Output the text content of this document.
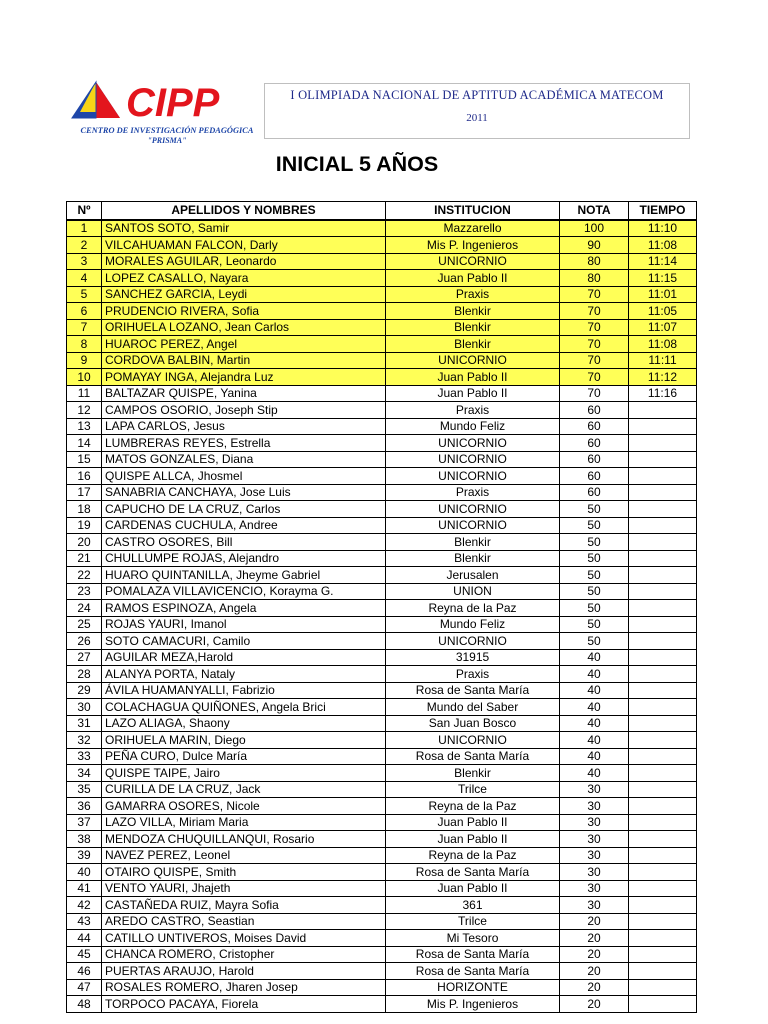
CIPP
CENTRO DE INVESTIGACIÓN PEDAGÓGICA
"PRISMA"
I OLIMPIADA NACIONAL DE APTITUD ACADÉMICA MATECOM
2011
INICIAL 5 AÑOS
Nº	APELLIDOS Y NOMBRES	INSTITUCION	NOTA	TIEMPO
1	SANTOS SOTO, Samir	Mazzarello	100	11:10
2	VILCAHUAMAN FALCON, Darly	Mis P. Ingenieros	90	11:08
3	MORALES AGUILAR, Leonardo	UNICORNIO	80	11:14
4	LOPEZ CASALLO, Nayara	Juan Pablo II	80	11:15
5	SANCHEZ GARCIA, Leydi	Praxis	70	11:01
6	PRUDENCIO RIVERA, Sofia	Blenkir	70	11:05
7	ORIHUELA LOZANO, Jean Carlos	Blenkir	70	11:07
8	HUAROC PEREZ, Angel	Blenkir	70	11:08
9	CORDOVA BALBIN, Martin	UNICORNIO	70	11:11
10	POMAYAY INGA, Alejandra Luz	Juan Pablo II	70	11:12
11	BALTAZAR QUISPE, Yanina	Juan Pablo II	70	11:16
12	CAMPOS OSORIO, Joseph Stip	Praxis	60	
13	LAPA CARLOS, Jesus	Mundo Feliz	60	
14	LUMBRERAS REYES, Estrella	UNICORNIO	60	
15	MATOS GONZALES, Diana	UNICORNIO	60	
16	QUISPE ALLCA, Jhosmel	UNICORNIO	60	
17	SANABRIA CANCHAYA, Jose Luis	Praxis	60	
18	CAPUCHO DE LA CRUZ, Carlos	UNICORNIO	50	
19	CARDENAS CUCHULA, Andree	UNICORNIO	50	
20	CASTRO OSORES, Bill	Blenkir	50	
21	CHULLUMPE ROJAS, Alejandro	Blenkir	50	
22	HUARO QUINTANILLA, Jheyme Gabriel	Jerusalen	50	
23	POMALAZA VILLAVICENCIO, Korayma G.	UNION	50	
24	RAMOS ESPINOZA, Angela	Reyna de la Paz	50	
25	ROJAS YAURI, Imanol	Mundo Feliz	50	
26	SOTO CAMACURI, Camilo	UNICORNIO	50	
27	AGUILAR MEZA,Harold	31915	40	
28	ALANYA PORTA, Nataly	Praxis	40	
29	ÁVILA HUAMANYALLI, Fabrizio	Rosa de Santa María	40	
30	COLACHAGUA QUIÑONES, Angela Brici	Mundo del Saber	40	
31	LAZO ALIAGA, Shaony	San Juan Bosco	40	
32	ORIHUELA MARIN, Diego	UNICORNIO	40	
33	PEÑA CURO, Dulce María	Rosa de Santa María	40	
34	QUISPE TAIPE, Jairo	Blenkir	40	
35	CURILLA DE LA CRUZ, Jack	Trilce	30	
36	GAMARRA OSORES, Nicole	Reyna de la Paz	30	
37	LAZO VILLA, Miriam Maria	Juan Pablo II	30	
38	MENDOZA CHUQUILLANQUI, Rosario	Juan Pablo II	30	
39	NAVEZ PEREZ, Leonel	Reyna de la Paz	30	
40	OTAIRO QUISPE, Smith	Rosa de Santa María	30	
41	VENTO YAURI, Jhajeth	Juan Pablo II	30	
42	CASTAÑEDA RUIZ, Mayra Sofia	361	30	
43	AREDO CASTRO, Seastian	Trilce	20	
44	CATILLO UNTIVEROS, Moises David	Mi Tesoro	20	
45	CHANCA ROMERO, Cristopher	Rosa de Santa María	20	
46	PUERTAS ARAUJO, Harold	Rosa de Santa María	20	
47	ROSALES ROMERO, Jharen Josep	HORIZONTE	20	
48	TORPOCO PACAYA, Fiorela	Mis P. Ingenieros	20	
